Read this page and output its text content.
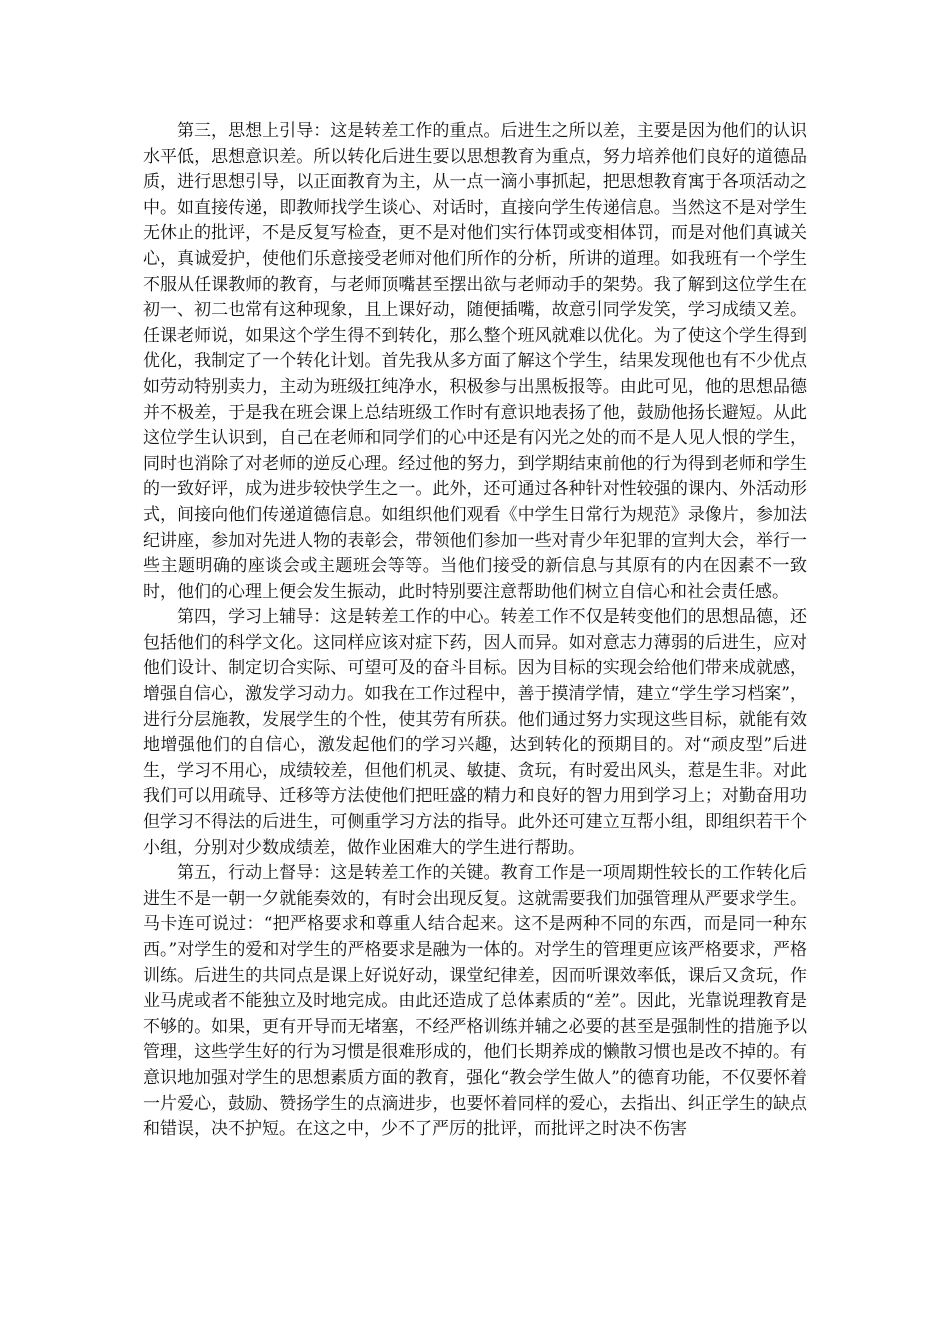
第三，思想上引导：这是转差工作的重点。后进生之所以差，主要是因为他们的认识水平低，思想意识差。所以转化后进生要以思想教育为重点，努力培养他们良好的道德品质，进行思想引导，以正面教育为主，从一点一滴小事抓起，把思想教育寓于各项活动之中。如直接传递，即教师找学生谈心、对话时，直接向学生传递信息。当然这不是对学生无休止的批评，不是反复写检查，更不是对他们实行体罚或变相体罚，而是对他们真诚关心，真诚爱护，使他们乐意接受老师对他们所作的分析，所讲的道理。如我班有一个学生不服从任课教师的教育，与老师顶嘴甚至摆出欲与老师动手的架势。我了解到这位学生在初一、初二也常有这种现象，且上课好动，随便插嘴，故意引同学发笑，学习成绩又差。任课老师说，如果这个学生得不到转化，那么整个班风就难以优化。为了使这个学生得到优化，我制定了一个转化计划。首先我从多方面了解这个学生，结果发现他也有不少优点如劳动特别卖力，主动为班级扛纯净水，积极参与出黑板报等。由此可见，他的思想品德并不极差，于是我在班会课上总结班级工作时有意识地表扬了他，鼓励他扬长避短。从此这位学生认识到，自己在老师和同学们的心中还是有闪光之处的而不是人见人恨的学生，同时也消除了对老师的逆反心理。经过他的努力，到学期结束前他的行为得到老师和学生的一致好评，成为进步较快学生之一。此外，还可通过各种针对性较强的课内、外活动形式，间接向他们传递道德信息。如组织他们观看《中学生日常行为规范》录像片，参加法纪讲座，参加对先进人物的表彰会，带领他们参加一些对青少年犯罪的宣判大会，举行一些主题明确的座谈会或主题班会等等。当他们接受的新信息与其原有的内在因素不一致时，他们的心理上便会发生振动，此时特别要注意帮助他们树立自信心和社会责任感。

第四，学习上辅导：这是转差工作的中心。转差工作不仅是转变他们的思想品德，还包括他们的科学文化。这同样应该对症下药，因人而异。如对意志力薄弱的后进生，应对他们设计、制定切合实际、可望可及的奋斗目标。因为目标的实现会给他们带来成就感，增强自信心，激发学习动力。如我在工作过程中，善于摸清学情，建立“学生学习档案”，进行分层施教，发展学生的个性，使其劳有所获。他们通过努力实现这些目标，就能有效地增强他们的自信心，激发起他们的学习兴趣，达到转化的预期目的。对“顽皮型”后进生，学习不用心，成绩较差，但他们机灵、敏捷、贪玩，有时爱出风头，惹是生非。对此我们可以用疏导、迁移等方法使他们把旺盛的精力和良好的智力用到学习上；对勤奋用功但学习不得法的后进生，可侧重学习方法的指导。此外还可建立互帮小组，即组织若干个小组，分别对少数成绩差，做作业困难大的学生进行帮助。

第五，行动上督导：这是转差工作的关键。教育工作是一项周期性较长的工作转化后进生不是一朝一夕就能奏效的，有时会出现反复。这就需要我们加强管理从严要求学生。马卡连可说过：“把严格要求和尊重人结合起来。这不是两种不同的东西，而是同一种东西。”对学生的爱和对学生的严格要求是融为一体的。对学生的管理更应该严格要求，严格训练。后进生的共同点是课上好说好动，课堂纪律差，因而听课效率低，课后又贪玩，作业马虎或者不能独立及时地完成。由此还造成了总体素质的“差”。因此，光靠说理教育是不够的。如果，更有开导而无堵塞，不经严格训练并辅之必要的甚至是强制性的措施予以管理，这些学生好的行为习惯是很难形成的，他们长期养成的懒散习惯也是改不掉的。有意识地加强对学生的思想素质方面的教育，强化“教会学生做人”的德育功能，不仅要怀着一片爱心，鼓励、赞扬学生的点滴进步，也要怀着同样的爱心，去指出、纠正学生的缺点和错误，决不护短。在这之中，少不了严厉的批评，而批评之时决不伤害
